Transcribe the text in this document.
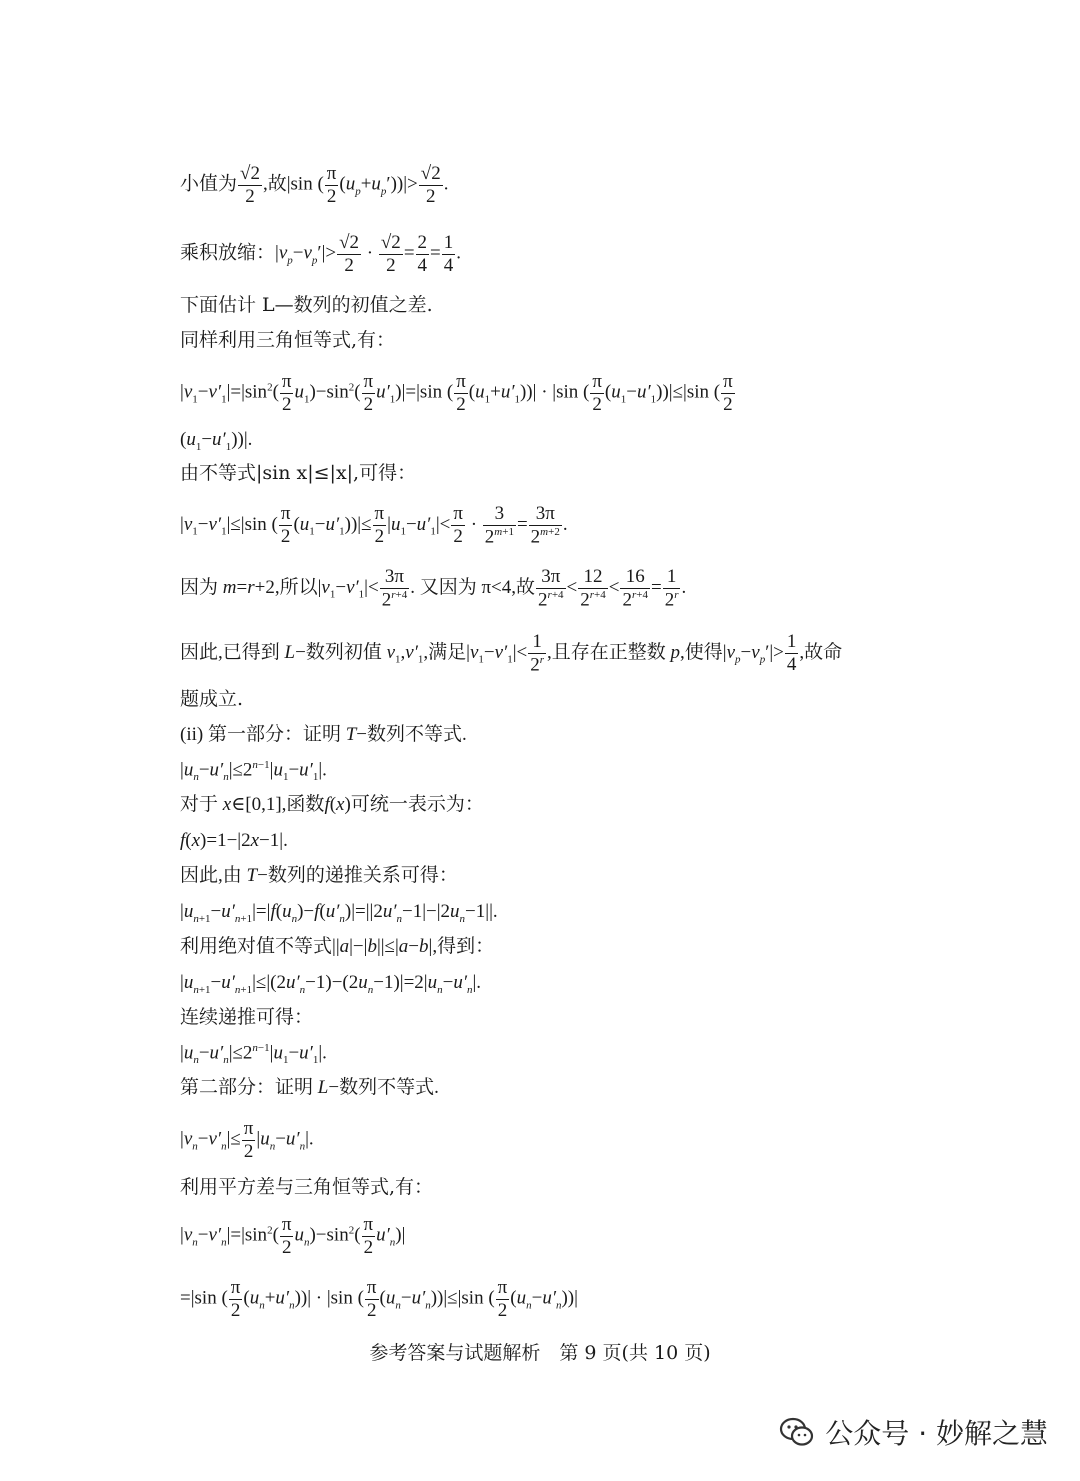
小值为 $\frac{√2}{2}$ ,故|sin ( $\frac{\pi}{2} (u_p+u_p'))|> \frac{√2}{2}$ .
乘积放缩：$|v_p-v_p'|> \frac{√2}{2} \cdot \frac{√2}{2} = \frac{2}{4} = \frac{1}{4}$ .
下面估计 L—数列的初值之差.
同样利用三角恒等式,有：
$|v_1-v'_1|=|\sin^2( \frac{\pi}{2} u_1)-\sin^2( \frac{\pi}{2} u'_1)|=|\sin$ ( $\frac{\pi}{2} (u_1+u'_1))| \cdot |\sin$ ( $\frac{\pi}{2} (u_1-u'_1))|\le|\sin$ ( $\frac{\pi}{2}$
$(u_1-u'_1))|$.
由不等式|sin x|≤|x|,可得：
$|v_1-v'_1|\le|\sin$ ( $\frac{\pi}{2} (u_1-u'_1))|\le \frac{\pi}{2} |u_1-u'_1|< \frac{\pi}{2} \cdot \frac{3}{2^{m+1}} = \frac{3\pi}{2^{m+2}}$ .
因为 m=r+2,所以$|v_1-v'_1|< \frac{3\pi}{2^{r+4}}$ . 又因为 π<4,故 $\frac{3\pi}{2^{r+4}} < \frac{12}{2^{r+4}} < \frac{16}{2^{r+4}} = \frac{1}{2^r}$ .
因此,已得到 L−数列初值 $v_1,v'_1$,满足$|v_1-v'_1|< \frac{1}{2^r}$ ,且存在正整数 p,使得$|v_p-v_p'|> \frac{1}{4}$ ,故命
题成立.
(ii) 第一部分：证明 T−数列不等式.
$|u_n-u'_n|\le 2^{n-1}|u_1-u'_1|$.
对于 x∈[0,1],函数f(x)可统一表示为：
f(x)=1−|2x−1|.
因此,由 T−数列的递推关系可得：
$|u_{n+1}-u'_{n+1}|=|f(u_n)-f(u'_n)|=||2u'_n-1|-|2u_n-1||$.
利用绝对值不等式||a|−|b||≤|a−b|,得到：
$|u_{n+1}-u'_{n+1}|\le|(2u'_n-1)-(2u_n-1)|=2|u_n-u'_n|$.
连续递推可得：
$|u_n-u'_n|\le 2^{n-1}|u_1-u'_1|$.
第二部分：证明 L−数列不等式.
$|v_n-v'_n|\le \frac{\pi}{2} |u_n-u'_n|$.
利用平方差与三角恒等式,有：
$|v_n-v'_n|=|\sin^2( \frac{\pi}{2} u_n)-\sin^2( \frac{\pi}{2} u'_n)|$
=|sin ( $\frac{\pi}{2} (u_n+u'_n))| \cdot |\sin$ ( $\frac{\pi}{2} (u_n-u'_n))|\le|\sin$ ( $\frac{\pi}{2} (u_n-u'_n))|$
参考答案与试题解析　第 9 页(共 10 页)
公众号 · 妙解之慧
